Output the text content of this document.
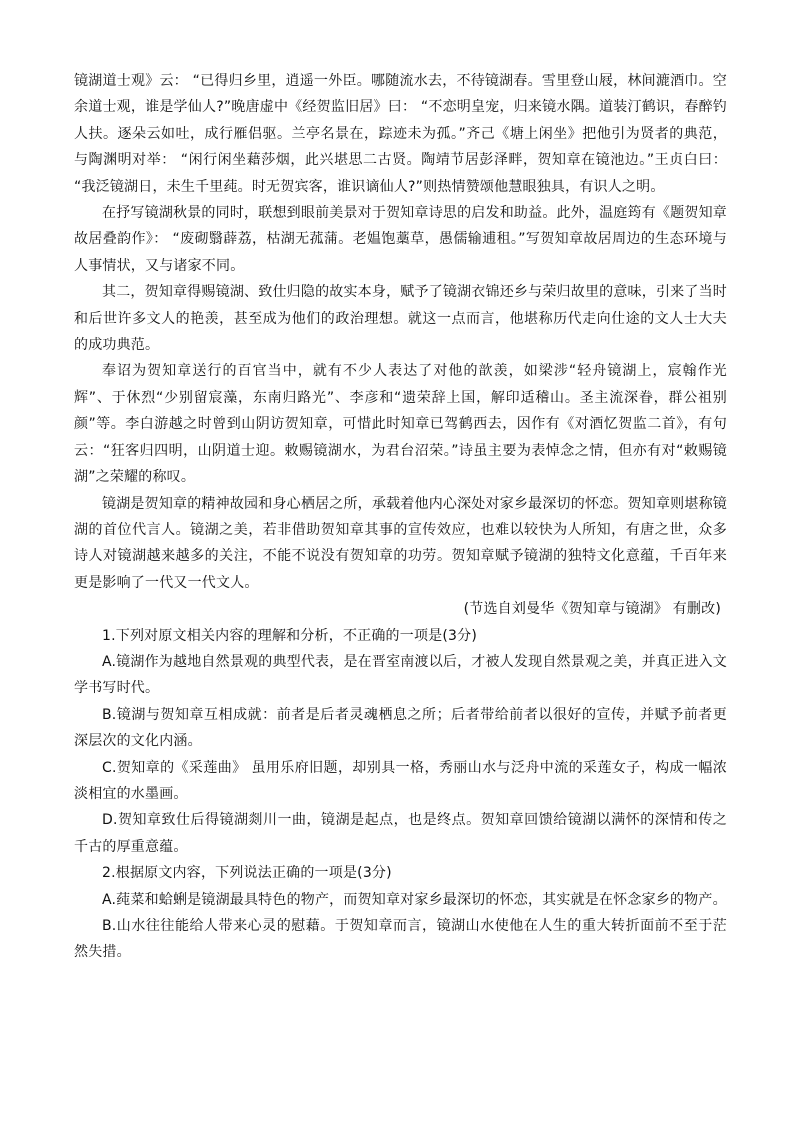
镜湖道士观》云： “已得归乡里，逍遥一外臣。哪随流水去，不待镜湖春。雪里登山屐，林间漉酒巾。空余道士观，谁是学仙人?”晚唐虚中《经贺监旧居》曰： “不恋明皇宠，归来镜水隅。道装汀鹤识，春醉钓人扶。逐朵云如吐，成行雁侣驱。兰亭名景在，踪迹未为孤。”齐己《塘上闲坐》把他引为贤者的典范，与陶渊明对举： “闲行闲坐藉莎烟，此兴堪思二古贤。陶靖节居彭泽畔，贺知章在镜池边。”王贞白曰： “我泛镜湖日，未生千里莼。时无贺宾客，谁识谪仙人?”则热情赞颂他慧眼独具，有识人之明。

在抒写镜湖秋景的同时，联想到眼前美景对于贺知章诗思的启发和助益。此外，温庭筠有《题贺知章故居叠韵作》： “废砌翳薜荔，枯湖无菰蒲。老媪饱藁草，愚儒输逋租。”写贺知章故居周边的生态环境与人事情状，又与诸家不同。

其二，贺知章得赐镜湖、致仕归隐的故实本身，赋予了镜湖衣锦还乡与荣归故里的意味，引来了当时和后世许多文人的艳羡，甚至成为他们的政治理想。就这一点而言，他堪称历代走向仕途的文人士大夫的成功典范。

奉诏为贺知章送行的百官当中，就有不少人表达了对他的歆羡，如梁涉“轻舟镜湖上，宸翰作光辉”、于休烈“少别留宸藻，东南归路光”、李彦和“遗荣辞上国，解印适稽山。圣主流深眷，群公祖别颜”等。李白游越之时曾到山阴访贺知章，可惜此时知章已驾鹤西去，因作有《对酒忆贺监二首》，有句云：“狂客归四明，山阴道士迎。敕赐镜湖水，为君台沼荣。”诗虽主要为表悼念之情，但亦有对“敕赐镜湖”之荣耀的称叹。

镜湖是贺知章的精神故园和身心栖居之所，承载着他内心深处对家乡最深切的怀恋。贺知章则堪称镜湖的首位代言人。镜湖之美，若非借助贺知章其事的宣传效应，也难以较快为人所知，有唐之世，众多诗人对镜湖越来越多的关注，不能不说没有贺知章的功劳。贺知章赋予镜湖的独特文化意蕴，千百年来更是影响了一代又一代文人。

(节选自刘曼华《贺知章与镜湖》 有删改)

1.下列对原文相关内容的理解和分析，不正确的一项是(3分)

A.镜湖作为越地自然景观的典型代表，是在晋室南渡以后，才被人发现自然景观之美，并真正进入文学书写时代。

B.镜湖与贺知章互相成就：前者是后者灵魂栖息之所；后者带给前者以很好的宣传，并赋予前者更深层次的文化内涵。

C.贺知章的《采莲曲》 虽用乐府旧题，却别具一格，秀丽山水与泛舟中流的采莲女子，构成一幅浓淡相宜的水墨画。

D.贺知章致仕后得镜湖剡川一曲，镜湖是起点，也是终点。贺知章回馈给镜湖以满怀的深情和传之千古的厚重意蕴。

2.根据原文内容，下列说法正确的一项是(3分)

A.莼菜和蛤蜊是镜湖最具特色的物产，而贺知章对家乡最深切的怀恋，其实就是在怀念家乡的物产。

B.山水往往能给人带来心灵的慰藉。于贺知章而言，镜湖山水使他在人生的重大转折面前不至于茫然失措。
